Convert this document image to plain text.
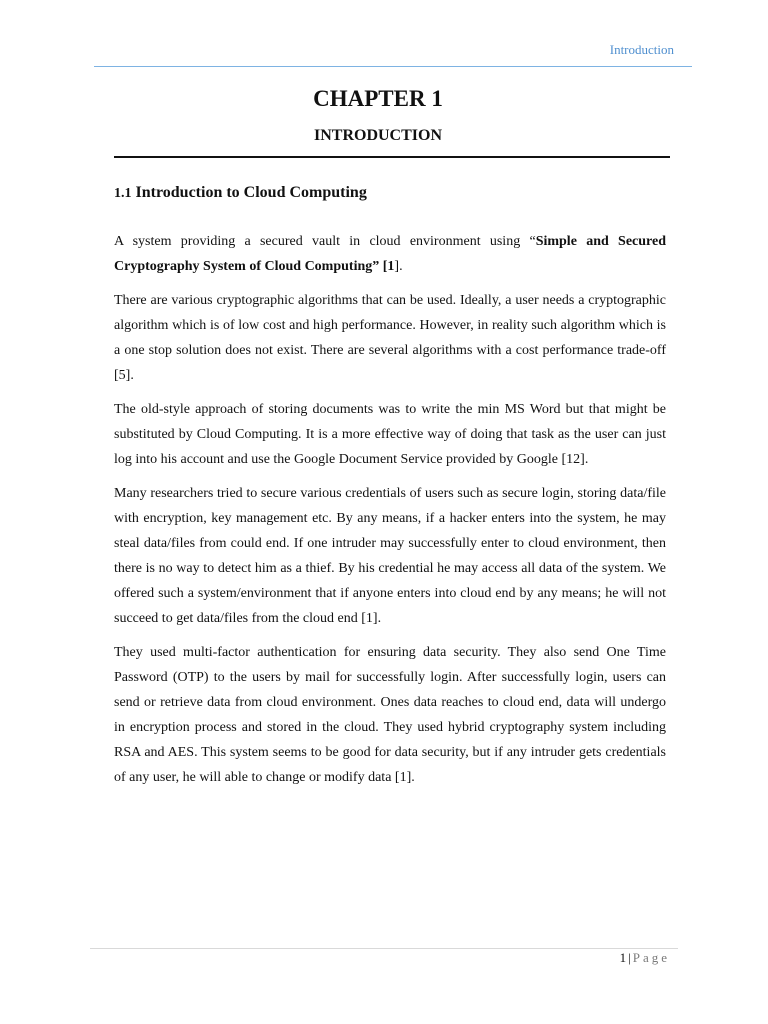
Introduction
CHAPTER 1
INTRODUCTION
1.1 Introduction to Cloud Computing

A system providing a secured vault in cloud environment using “Simple and Secured Cryptography System of Cloud Computing” [1].

There are various cryptographic algorithms that can be used. Ideally, a user needs a cryptographic algorithm which is of low cost and high performance. However, in reality such algorithm which is a one stop solution does not exist. There are several algorithms with a cost performance trade-off [5].

The old-style approach of storing documents was to write the min MS Word but that might be substituted by Cloud Computing. It is a more effective way of doing that task as the user can just log into his account and use the Google Document Service provided by Google [12].

Many researchers tried to secure various credentials of users such as secure login, storing data/file with encryption, key management etc. By any means, if a hacker enters into the system, he may steal data/files from could end. If one intruder may successfully enter to cloud environment, then there is no way to detect him as a thief. By his credential he may access all data of the system. We offered such a system/environment that if anyone enters into cloud end by any means; he will not succeed to get data/files from the cloud end [1].

They used multi-factor authentication for ensuring data security. They also send One Time Password (OTP) to the users by mail for successfully login. After successfully login, users can send or retrieve data from cloud environment. Ones data reaches to cloud end, data will undergo in encryption process and stored in the cloud. They used hybrid cryptography system including RSA and AES. This system seems to be good for data security, but if any intruder gets credentials of any user, he will able to change or modify data [1].

1 | Page
